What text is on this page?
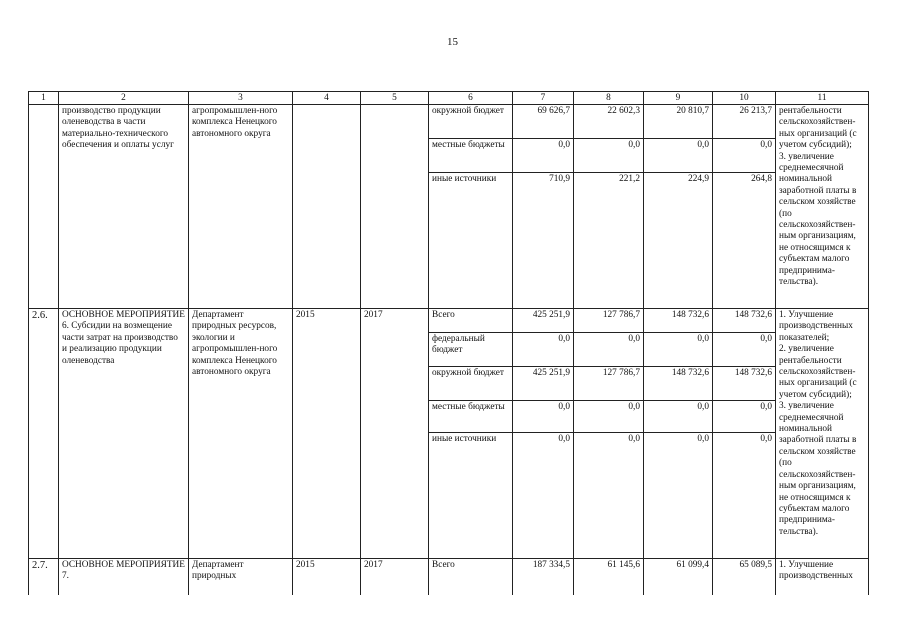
15
1	2	3	4	5	6	7	8	9	10	11
	производство продукции оленеводства в части материально-технического обеспечения и оплаты услуг	агропромышлен-ного комплекса Ненецкого автономного округа			окружной бюджет	69 626,7	22 602,3	20 810,7	26 213,7	рентабельности сельскохозяйствен-ных организаций (с учетом субсидий);
3. увеличение среднемесячной номинальной заработной платы в сельском хозяйстве (по сельскохозяйствен-ным организациям, не относящимся к субъектам малого предпринима-тельства).
					местные бюджеты	0,0	0,0	0,0	0,0	
					иные источники	710,9	221,2	224,9	264,8	
2.6.	ОСНОВНОЕ МЕРОПРИЯТИЕ 6. Субсидии на возмещение части затрат на производство и реализацию продукции оленеводства	Департамент природных ресурсов, экологии и агропромышлен-ного комплекса Ненецкого автономного округа	2015	2017	Всего	425 251,9	127 786,7	148 732,6	148 732,6	1. Улучшение производственных показателей;
2. увеличение рентабельности сельскохозяйствен-ных организаций (с учетом субсидий);
3. увеличение среднемесячной номинальной заработной платы в сельском хозяйстве (по сельскохозяйствен-ным организациям, не относящимся к субъектам малого предпринима-тельства).
					федеральный бюджет	0,0	0,0	0,0	0,0	
					окружной бюджет	425 251,9	127 786,7	148 732,6	148 732,6	
					местные бюджеты	0,0	0,0	0,0	0,0	
					иные источники	0,0	0,0	0,0	0,0	
2.7.	ОСНОВНОЕ МЕРОПРИЯТИЕ 7.	Департамент природных	2015	2017	Всего	187 334,5	61 145,6	61 099,4	65 089,5	1. Улучшение производственных
